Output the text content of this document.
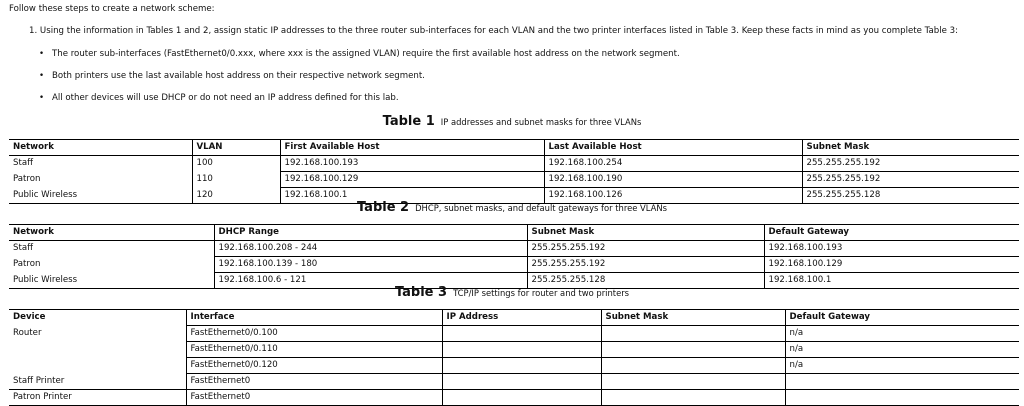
Follow these steps to create a network scheme:
1. Using the information in Tables 1 and 2, assign static IP addresses to the three router sub-interfaces for each VLAN and the two printer interfaces listed in Table 3. Keep these facts in mind as you complete Table 3:
• The router sub-interfaces (FastEthernet0/0.xxx, where xxx is the assigned VLAN) require the first available host address on the network segment.
• Both printers use the last available host address on their respective network segment.
• All other devices will use DHCP or do not need an IP address defined for this lab.
Table 1 IP addresses and subnet masks for three VLANs
Network	VLAN	First Available Host	Last Available Host	Subnet Mask
Staff	100	192.168.100.193	192.168.100.254	255.255.255.192
Patron	110	192.168.100.129	192.168.100.190	255.255.255.192
Public Wireless	120	192.168.100.1	192.168.100.126	255.255.255.128
Table 2 DHCP, subnet masks, and default gateways for three VLANs
Network	DHCP Range	Subnet Mask	Default Gateway
Staff	192.168.100.208 - 244	255.255.255.192	192.168.100.193
Patron	192.168.100.139 - 180	255.255.255.192	192.168.100.129
Public Wireless	192.168.100.6 - 121	255.255.255.128	192.168.100.1
Table 3 TCP/IP settings for router and two printers
Device	Interface	IP Address	Subnet Mask	Default Gateway
Router	FastEthernet0/0.100			n/a
	FastEthernet0/0.110			n/a
	FastEthernet0/0.120			n/a
Staff Printer	FastEthernet0			
Patron Printer	FastEthernet0			
